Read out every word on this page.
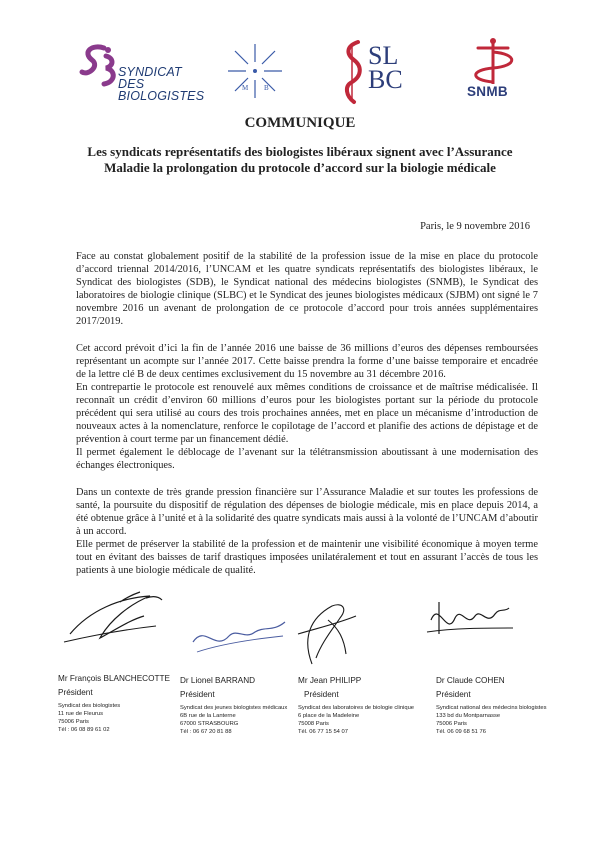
SYNDICAT
DES BIOLOGISTES
M B
SL
BC	SNMB
COMMUNIQUE
Les syndicats représentatifs des biologistes libéraux signent avec l’Assurance Maladie la prolongation du protocole d’accord sur la biologie médicale
Paris, le 9 novembre 2016

Face au constat globalement positif de la stabilité de la profession issue de la mise en place du protocole d’accord triennal 2014/2016, l’UNCAM et les quatre syndicats représentatifs des biologistes libéraux, le Syndicat des biologistes (SDB), le Syndicat national des médecins biologistes (SNMB), le Syndicat des laboratoires de biologie clinique (SLBC) et le Syndicat des jeunes biologistes médicaux (SJBM) ont signé le 7 novembre 2016 un avenant de prolongation de ce protocole d’accord pour trois années supplémentaires 2017/2019.

Cet accord prévoit d’ici la fin de l’année 2016 une baisse de 36 millions d’euros des dépenses remboursées représentant un acompte sur l’année 2017. Cette baisse prendra la forme d’une baisse temporaire et encadrée de la lettre clé B de deux centimes exclusivement du 15 novembre au 31 décembre 2016.

En contrepartie le protocole est renouvelé aux mêmes conditions de croissance et de maîtrise médicalisée. Il reconnaît un crédit d’environ 60 millions d’euros pour les biologistes portant sur la période du protocole précédent qui sera utilisé au cours des trois prochaines années, met en place un mécanisme d’introduction de nouveaux actes à la nomenclature, renforce le copilotage de l’accord et planifie des actions de dépistage et de prévention à court terme par un financement dédié.

Il permet également le déblocage de l’avenant sur la télétransmission aboutissant à une modernisation des échanges électroniques.

Dans un contexte de très grande pression financière sur l’Assurance Maladie et sur toutes les professions de santé, la poursuite du dispositif de régulation des dépenses de biologie médicale, mis en place depuis 2014, a été obtenue grâce à l’unité et à la solidarité des quatre syndicats mais aussi à la volonté de l’UNCAM d’aboutir à un accord.

Elle permet de préserver la stabilité de la profession et de maintenir une visibilité économique à moyen terme tout en évitant des baisses de tarif drastiques imposées unilatéralement et tout en assurant l’accès de tous les patients à une biologie médicale de qualité.

Mr François BLANCHECOTTE
Président
Syndicat des biologistes
11 rue de Fleurus
75006 Paris
Tél : 06 08 89 61 02
Dr Lionel BARRAND
Président
Syndicat des jeunes biologistes médicaux
6B rue de la Lanterne
67000 STRASBOURG
Tél : 06 67 20 81 88
Mr Jean PHILIPP
Président
Syndicat des laboratoires de biologie clinique
6 place de la Madeleine
75008 Paris
Tél. 06 77 15 54 07
Dr Claude COHEN
Président
Syndicat national des médecins biologistes
133 bd du Montparnasse
75006 Paris
Tél. 06 09 68 51 76
